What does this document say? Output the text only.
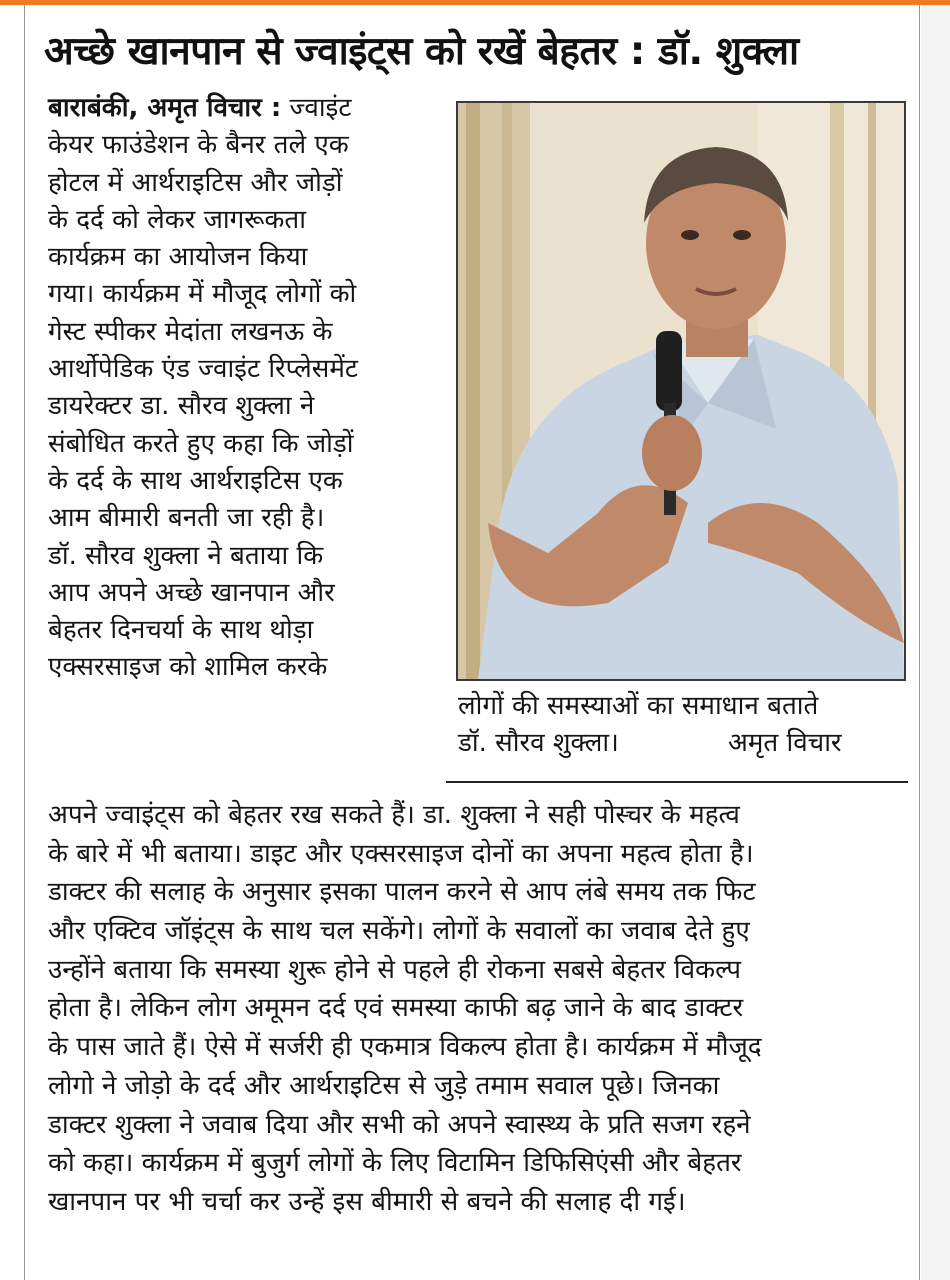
अच्छे खानपान से ज्वाइंट्स को रखें बेहतर : डॉ. शुक्ला
बाराबंकी, अमृत विचार : ज्वाइंट
केयर फाउंडेशन के बैनर तले एक
होटल में आर्थराइटिस और जोड़ों
के दर्द को लेकर जागरूकता
कार्यक्रम का आयोजन किया
गया। कार्यक्रम में मौजूद लोगों को
गेस्ट स्पीकर मेदांता लखनऊ के
आर्थोपेडिक एंड ज्वाइंट रिप्लेसमेंट
डायरेक्टर डा. सौरव शुक्ला ने
संबोधित करते हुए कहा कि जोड़ों
के दर्द के साथ आर्थराइटिस एक
आम बीमारी बनती जा रही है।
डॉ. सौरव शुक्ला ने बताया कि
आप अपने अच्छे खानपान और
बेहतर दिनचर्या के साथ थोड़ा
एक्सरसाइज को शामिल करके
लोगों की समस्याओं का समाधान बताते
डॉ. सौरव शुक्ला।	अमृत विचार
अपने ज्वाइंट्स को बेहतर रख सकते हैं। डा. शुक्ला ने सही पोस्चर के महत्व
के बारे में भी बताया। डाइट और एक्सरसाइज दोनों का अपना महत्व होता है।
डाक्टर की सलाह के अनुसार इसका पालन करने से आप लंबे समय तक फिट
और एक्टिव जॉइंट्स के साथ चल सकेंगे। लोगों के सवालों का जवाब देते हुए
उन्होंने बताया कि समस्या शुरू होने से पहले ही रोकना सबसे बेहतर विकल्प
होता है। लेकिन लोग अमूमन दर्द एवं समस्या काफी बढ़ जाने के बाद डाक्टर
के पास जाते हैं। ऐसे में सर्जरी ही एकमात्र विकल्प होता है। कार्यक्रम में मौजूद
लोगो ने जोड़ो के दर्द और आर्थराइटिस से जुड़े तमाम सवाल पूछे। जिनका
डाक्टर शुक्ला ने जवाब दिया और सभी को अपने स्वास्थ्य के प्रति सजग रहने
को कहा। कार्यक्रम में बुजुर्ग लोगों के लिए विटामिन डिफिसिएंसी और बेहतर
खानपान पर भी चर्चा कर उन्हें इस बीमारी से बचने की सलाह दी गई।
